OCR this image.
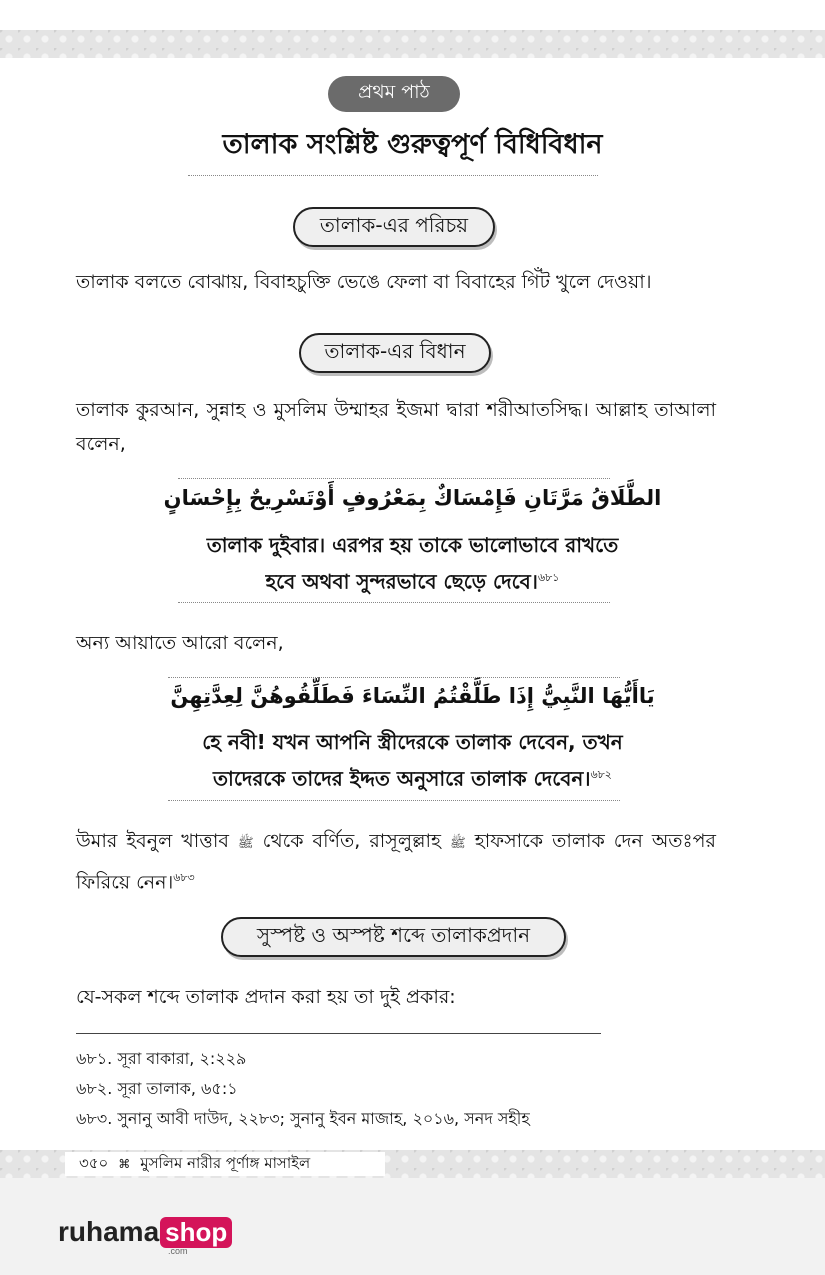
প্রথম পাঠ
তালাক সংশ্লিষ্ট গুরুত্বপূর্ণ বিধিবিধান
তালাক-এর পরিচয়
তালাক বলতে বোঝায়, বিবাহচুক্তি ভেঙে ফেলা বা বিবাহের গিঁট খুলে দেওয়া।
তালাক-এর বিধান
তালাক কুরআন, সুন্নাহ ও মুসলিম উম্মাহর ইজমা দ্বারা শরীআতসিদ্ধ। আল্লাহ তাআলা বলেন,
الطَّلَاقُ مَرَّتَانِ فَإِمْسَاكٌ بِمَعْرُوفٍ أَوْتَسْرِيحٌ بِإِحْسَانٍ
তালাক দুইবার। এরপর হয় তাকে ভালোভাবে রাখতে
হবে অথবা সুন্দরভাবে ছেড়ে দেবে।$^{৬৮১}$
অন্য আয়াতে আরো বলেন,
يَاأَيُّهَا النَّبِيُّ إِذَا طَلَّقْتُمُ النِّسَاءَ فَطَلِّقُوهُنَّ لِعِدَّتِهِنَّ
হে নবী! যখন আপনি স্ত্রীদেরকে তালাক দেবেন, তখন
তাদেরকে তাদের ইদ্দত অনুসারে তালাক দেবেন।$^{৬৮২}$
উমার ইবনুল খাত্তাব ﷺ থেকে বর্ণিত, রাসূলুল্লাহ ﷺ হাফসাকে তালাক দেন অতঃপর ফিরিয়ে নেন।$^{৬৮৩}$
সুস্পষ্ট ও অস্পষ্ট শব্দে তালাকপ্রদান
যে-সকল শব্দে তালাক প্রদান করা হয় তা দুই প্রকার:
৬৮১. সূরা বাকারা, ২:২২৯
৬৮২. সূরা তালাক, ৬৫:১
৬৮৩. সুনানু আবী দাউদ, ২২৮৩; সুনানু ইবন মাজাহ, ২০১৬, সনদ সহীহ
৩৫০ ⌘ মুসলিম নারীর পূর্ণাঙ্গ মাসাইল
ruhama shop
.com
